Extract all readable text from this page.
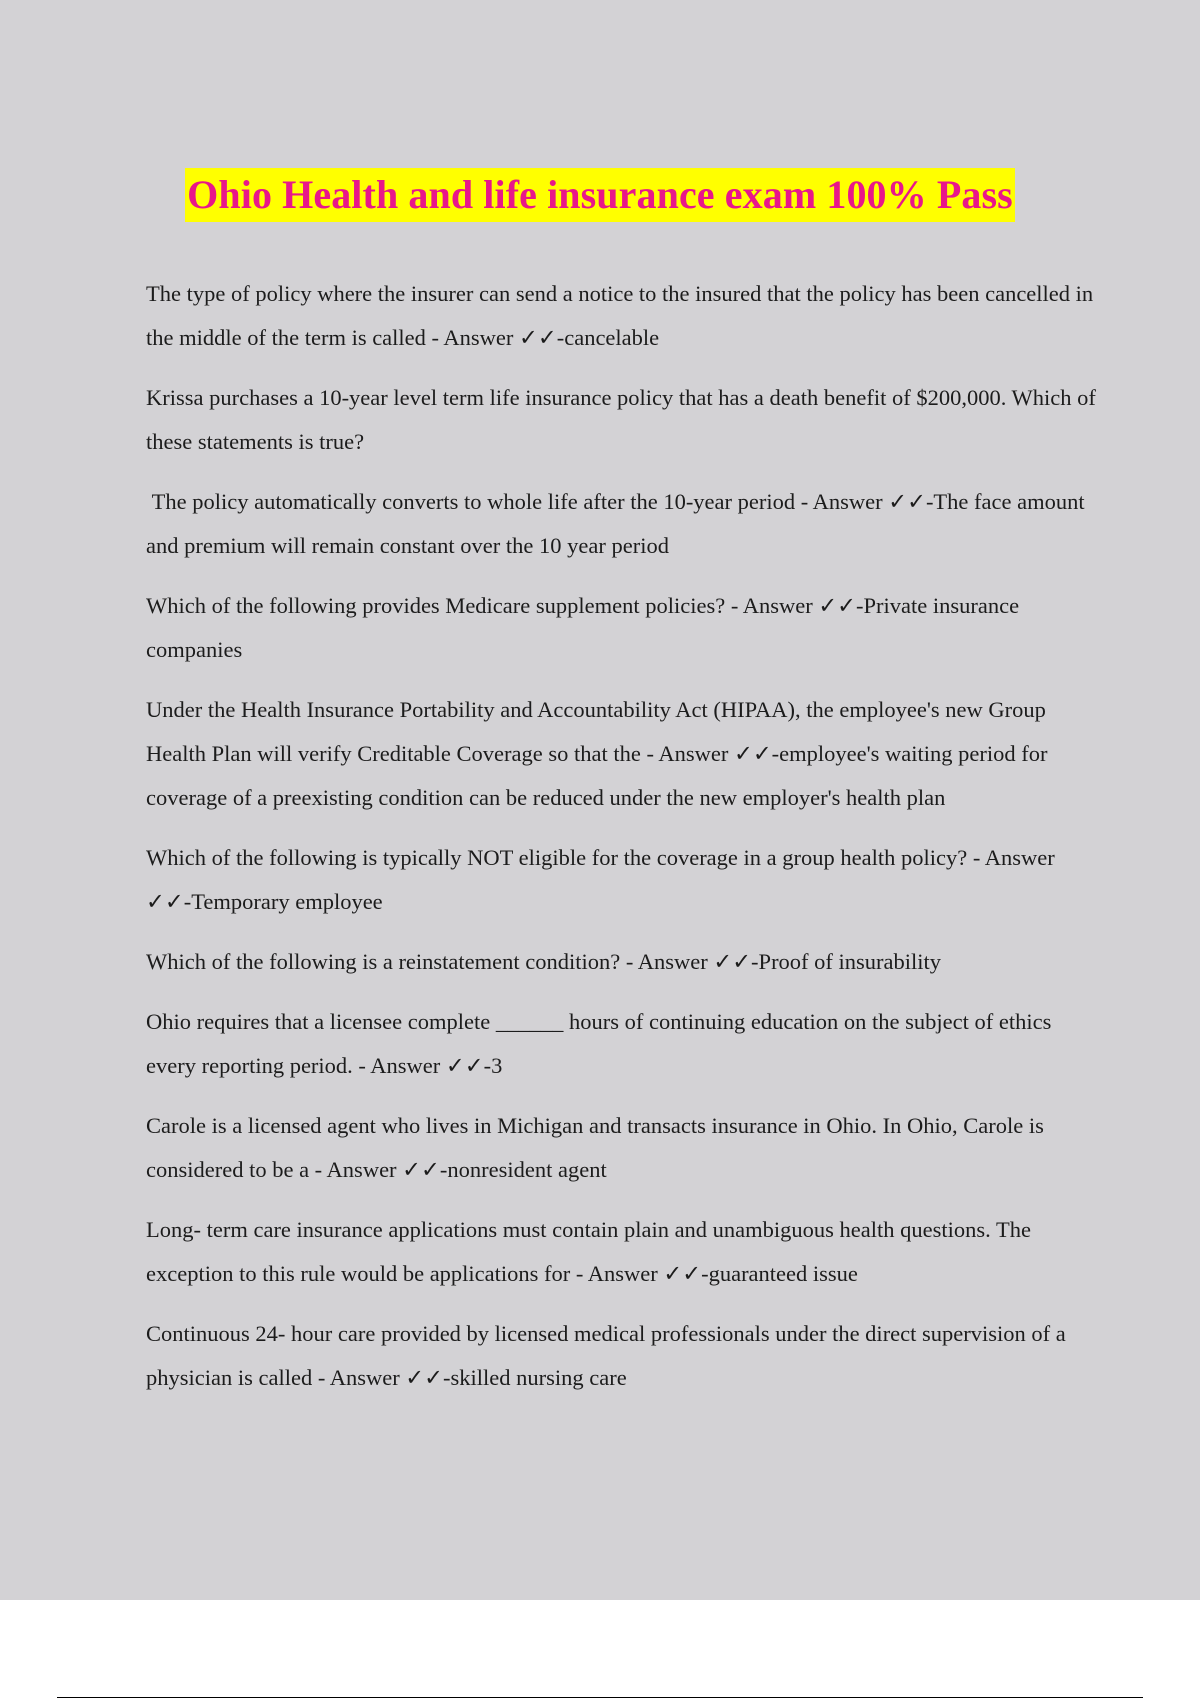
Ohio Health and life insurance exam 100% Pass

The type of policy where the insurer can send a notice to the insured that the policy has been cancelled in the middle of the term is called - Answer ✓✓-cancelable

Krissa purchases a 10-year level term life insurance policy that has a death benefit of $200,000. Which of these statements is true?

The policy automatically converts to whole life after the 10-year period - Answer ✓✓-The face amount and premium will remain constant over the 10 year period

Which of the following provides Medicare supplement policies? - Answer ✓✓-Private insurance companies

Under the Health Insurance Portability and Accountability Act (HIPAA), the employee's new Group Health Plan will verify Creditable Coverage so that the - Answer ✓✓-employee's waiting period for coverage of a preexisting condition can be reduced under the new employer's health plan

Which of the following is typically NOT eligible for the coverage in a group health policy? - Answer ✓✓-Temporary employee

Which of the following is a reinstatement condition? - Answer ✓✓-Proof of insurability

Ohio requires that a licensee complete ______ hours of continuing education on the subject of ethics every reporting period. - Answer ✓✓-3

Carole is a licensed agent who lives in Michigan and transacts insurance in Ohio. In Ohio, Carole is considered to be a - Answer ✓✓-nonresident agent

Long- term care insurance applications must contain plain and unambiguous health questions. The exception to this rule would be applications for - Answer ✓✓-guaranteed issue

Continuous 24- hour care provided by licensed medical professionals under the direct supervision of a physician is called - Answer ✓✓-skilled nursing care
